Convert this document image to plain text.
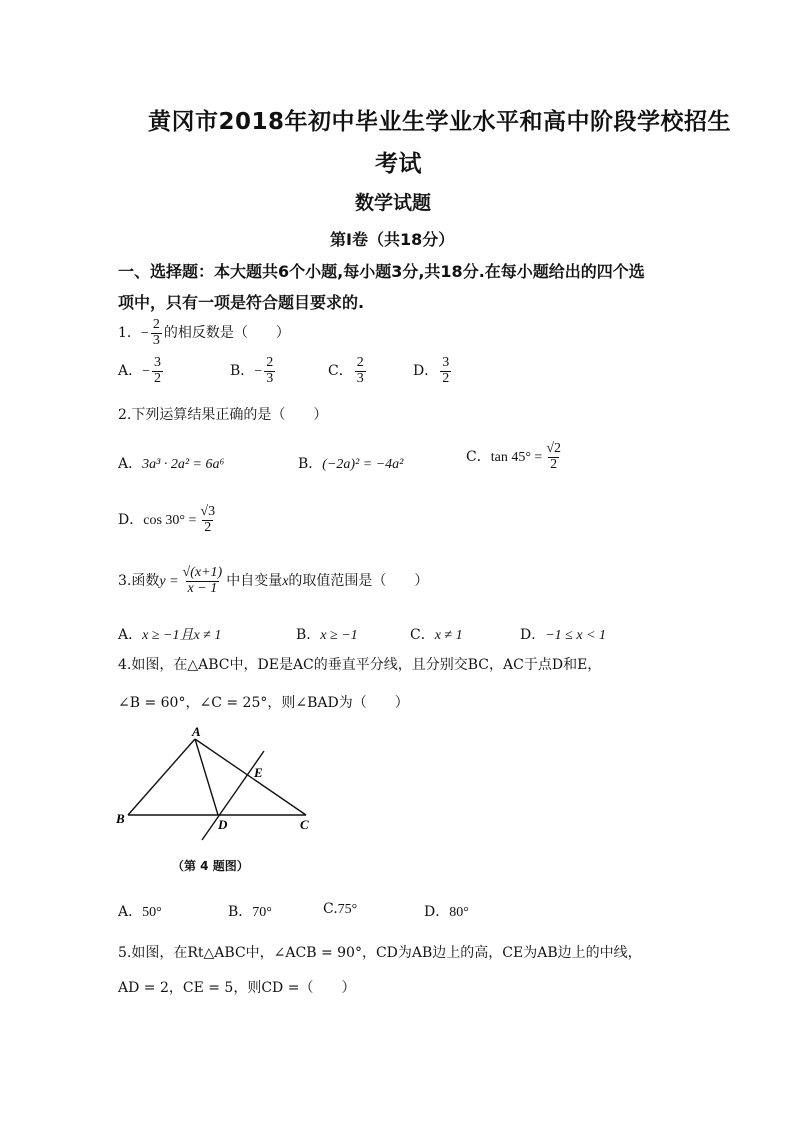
黄冈市2018年初中毕业生学业水平和高中阶段学校招生
考试
数学试题
第Ⅰ卷（共18分）
一、选择题：本大题共6个小题,每小题3分,共18分.在每小题给出的四个选
项中，只有一项是符合题目要求的.
1．− $\frac{2}{3}$ 的相反数是（　　）
A．− $\frac{3}{2}$	B．− $\frac{2}{3}$	C． $\frac{2}{3}$	D． $\frac{3}{2}$
2.下列运算结果正确的是（　　）
A．3a³ · 2a² = 6a⁶	B．(−2a)² = −4a²	C．$\tan 45^\circ = \frac{√2}{2}$
D．$\cos 30^\circ = \frac{√3}{2}$
3.函数$y = \frac{√(x+1)}{x - 1}$ 中自变量x的取值范围是（　　）
A．x ≥ −1且x ≠ 1	B．x ≥ −1	C．x ≠ 1	D．−1 ≤ x < 1
4.如图，在△ABC中，DE是AC的垂直平分线，且分别交BC，AC于点D和E，
∠B = 60°，∠C = 25°，则∠BAD为（　　）
A
B	C
D
E
（第 4 题图）
A．50°	B．70°	C.75°	D．80°
5.如图，在Rt△ABC中，∠ACB = 90°，CD为AB边上的高，CE为AB边上的中线，
AD = 2，CE = 5，则CD =（　　）
